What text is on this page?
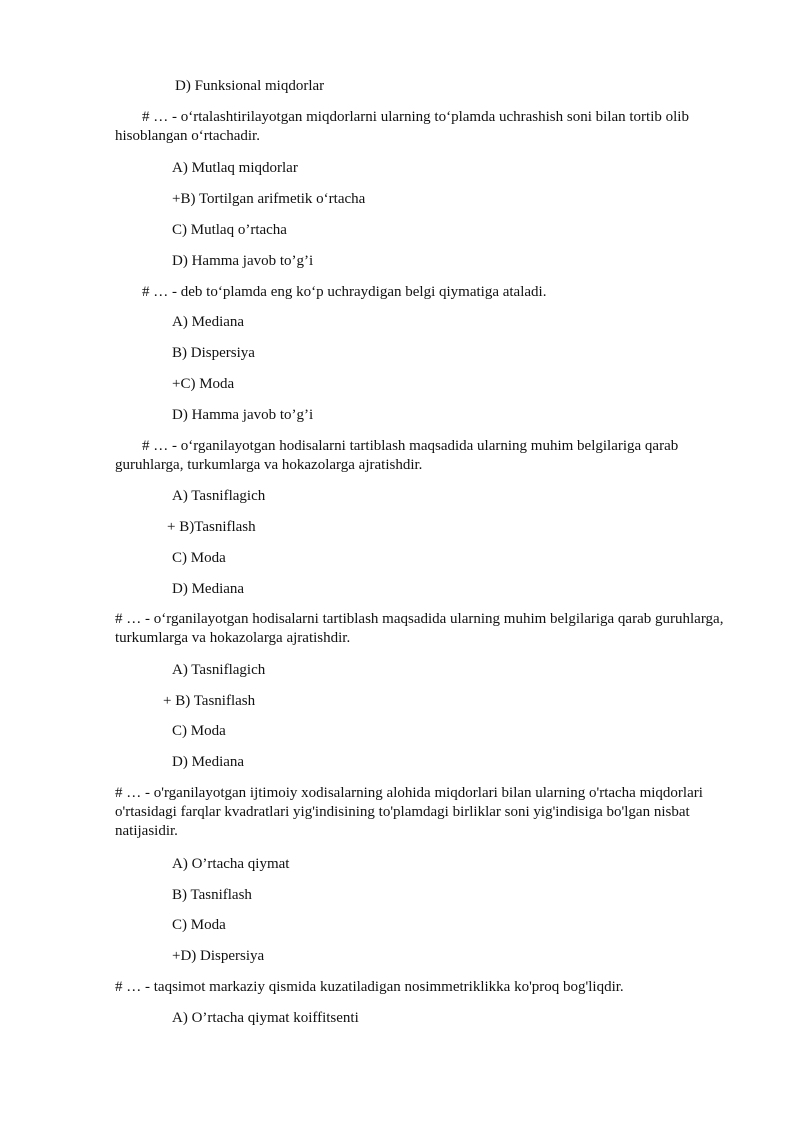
D) Funksional miqdorlar
# … - o‘rtalashtirilayotgan miqdorlarni ularning to‘plamda uchrashish soni bilan tortib olib hisoblangan o‘rtachadir.
A) Mutlaq miqdorlar
+B) Tortilgan arifmetik o‘rtacha
C) Mutlaq o’rtacha
D) Hamma javob to’g’i
# … - deb to‘plamda eng ko‘p uchraydigan belgi qiymatiga ataladi.
A) Mediana
B) Dispersiya
+C) Moda
D) Hamma javob to’g’i
# … - o‘rganilayotgan hodisalarni tartiblash maqsadida ularning muhim belgilariga qarab guruhlarga, turkumlarga va hokazolarga ajratishdir.
A) Tasniflagich
+ B)Tasniflash
C) Moda
D) Mediana
# … - o‘rganilayotgan hodisalarni tartiblash maqsadida ularning muhim belgilariga qarab guruhlarga, turkumlarga va hokazolarga ajratishdir.
A) Tasniflagich
+ B) Tasniflash
C) Moda
D) Mediana
# … - o'rganilayotgan ijtimoiy xodisalarning alohida miqdorlari bilan ularning o'rtacha miqdorlari o'rtasidagi farqlar kvadratlari yig'indisining to'plamdagi birliklar soni yig'indisiga bo'lgan nisbat natijasidir.
A) O’rtacha qiymat
B) Tasniflash
C) Moda
+D) Dispersiya
# … - taqsimot markaziy qismida kuzatiladigan nosimmetriklikka ko'proq bog'liqdir.
A) O’rtacha qiymat koiffitsenti
